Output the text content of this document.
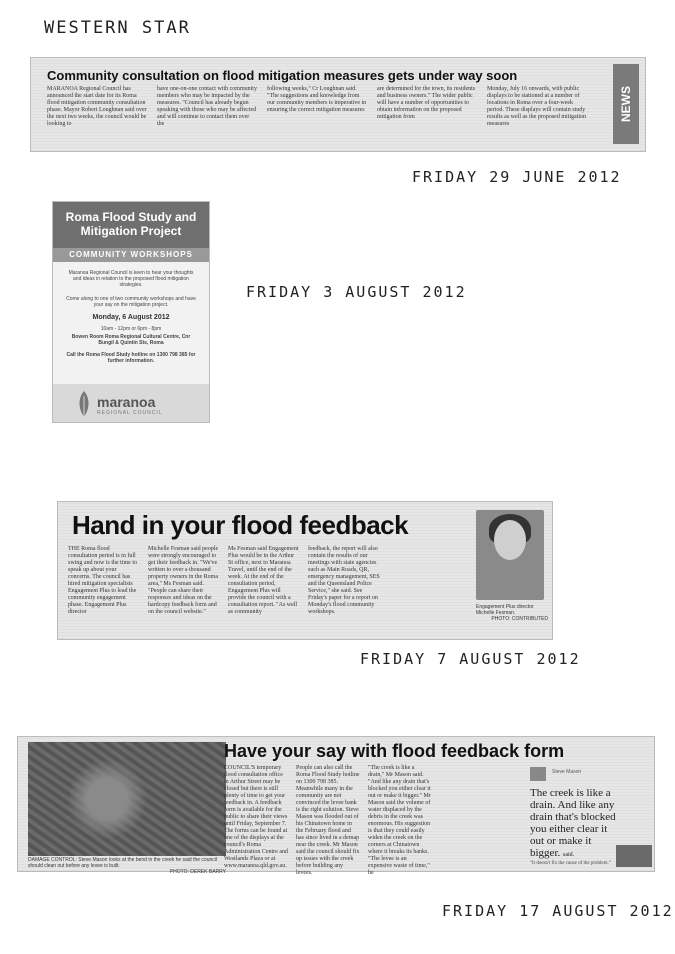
WESTERN STAR
FRIDAY 29 JUNE 2012
FRIDAY 3 AUGUST 2012
FRIDAY 7 AUGUST 2012
FRIDAY 17 AUGUST 2012
Community consultation on flood mitigation measures gets under way soon
MARANOA Regional Council has announced the start date for its Roma flood mitigation community consultation phase. Mayor Robert Loughnan said over the next two weeks, the council would be looking to
have one-on-one contact with community members who may be impacted by the measures. "Council has already begun speaking with those who may be affected and will continue to contact them over the
following weeks," Cr Loughnan said. "The suggestions and knowledge from our community members is imperative in ensuring the correct mitigation measures
are determined for the town, its residents and business owners." The wider public will have a number of opportunities to obtain information on the proposed mitigation from
Monday, July 16 onwards, with public displays to be stationed at a number of locations in Roma over a four-week period. These displays will contain study results as well as the proposed mitigation measures
NEWS
Roma Flood Study and Mitigation Project
COMMUNITY WORKSHOPS
Maranoa Regional Council is keen to hear your thoughts and ideas in relation to the proposed flood mitigation strategies.
Come along to one of two community workshops and have your say on the mitigation project.
Monday, 6 August 2012
10am - 12pm or 6pm - 8pm
Bowen Room Roma Regional Cultural Centre, Cnr Bungil & Quintin Sts, Roma
Call the Roma Flood Study hotline on 1300 798 385 for further information.
maranoa
REGIONAL COUNCIL
Hand in your flood feedback
THE Roma flood consultation period is in full swing and now is the time to speak up about your concerns. The council has hired mitigation specialists Engagement Plus to lead the community engagement phase. Engagement Plus director
Michelle Fesman said people were strongly encouraged to get their feedback in. "We've written to over a thousand property owners in the Roma area," Ms Fesman said. "People can share their responses and ideas on the hardcopy feedback form and on the council website."
Ms Fesman said Engagement Plus would be in the Arthur St office, next to Maranoa Travel, until the end of the week. At the end of the consultation period, Engagement Plus will provide the council with a consultation report. "As well as community
feedback, the report will also contain the results of our meetings with state agencies such as Main Roads, QR, emergency management, SES and the Queensland Police Service," she said. See Friday's paper for a report on Monday's flood community workshops.
Engagement Plus director Michelle Fesman.
PHOTO: CONTRIBUTED
DAMAGE CONTROL: Steve Mason looks at the bend in the creek he said the council should clean out before any levee is built.
PHOTO: DEREK BARRY
Have your say with flood feedback form
COUNCIL'S temporary flood consultation office in Arthur Street may be closed but there is still plenty of time to get your feedback in. A feedback form is available for the public to share their views until Friday, September 7. The forms can be found at one of the displays at the council's Roma Administration Centre and Westlands Plaza or at www.maranoa.qld.gov.au.
People can also call the Roma Flood Study hotline on 1300 798 385. Meanwhile many in the community are not convinced the levee bank is the right solution. Steve Mason was flooded out of his Chinatown home in the February flood and has since lived in a demap near the creek. Mr Mason said the council should fix up issues with the creek before building any levees.
"The creek is like a drain," Mr Mason said. "And like any drain that's blocked you either clear it out or make it bigger." Mr Mason said the volume of water displaced by the debris in the creek was enormous. His suggestion is that they could easily widen the creek on the corners at Chinatown where it breaks its banks. "The levee is an expensive waste of time," he
Steve Mason
The creek is like a drain. And like any drain that's blocked you either clear it out or make it bigger. said.
"It doesn't fix the cause of the problem."
